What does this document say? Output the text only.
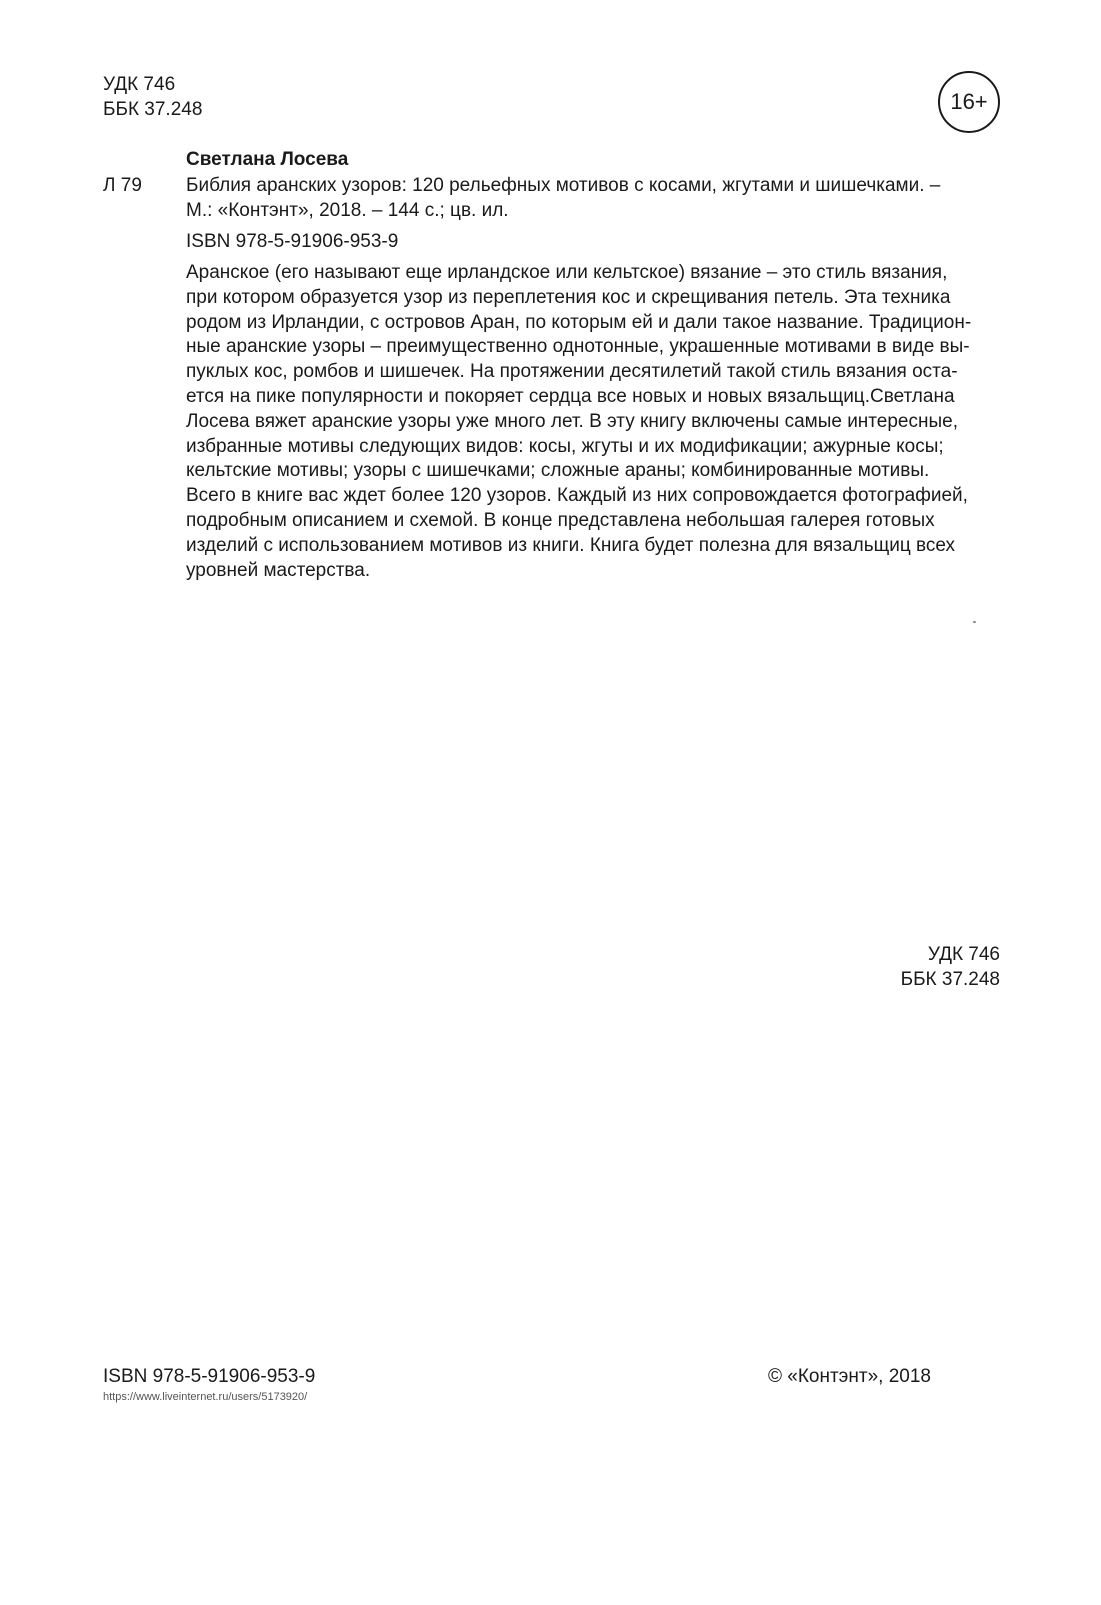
УДК 746
ББК 37.248	16+
Светлана Лосева
Л 79 Библия аранских узоров: 120 рельефных мотивов с косами, жгутами и шишечками. –
М.: «Контэнт», 2018. – 144 с.; цв. ил.
ISBN 978-5-91906-953-9
Аранское (его называют еще ирландское или кельтское) вязание – это стиль вязания,
при котором образуется узор из переплетения кос и скрещивания петель. Эта техника
родом из Ирландии, с островов Аран, по которым ей и дали такое название. Традицион-
ные аранские узоры – преимущественно однотонные, украшенные мотивами в виде вы-
пуклых кос, ромбов и шишечек. На протяжении десятилетий такой стиль вязания оста-
ется на пике популярности и покоряет сердца все новых и новых вязальщиц.Светлана
Лосева вяжет аранские узоры уже много лет. В эту книгу включены самые интересные,
избранные мотивы следующих видов: косы, жгуты и их модификации; ажурные косы;
кельтские мотивы; узоры с шишечками; сложные араны; комбинированные мотивы.
Всего в книге вас ждет более 120 узоров. Каждый из них сопровождается фотографией,
подробным описанием и схемой. В конце представлена небольшая галерея готовых
изделий с использованием мотивов из книги. Книга будет полезна для вязальщиц всех
уровней мастерства.
УДК 746
ББК 37.248
ISBN 978-5-91906-953-9
https://www.liveinternet.ru/users/5173920/
© «Контэнт», 2018
